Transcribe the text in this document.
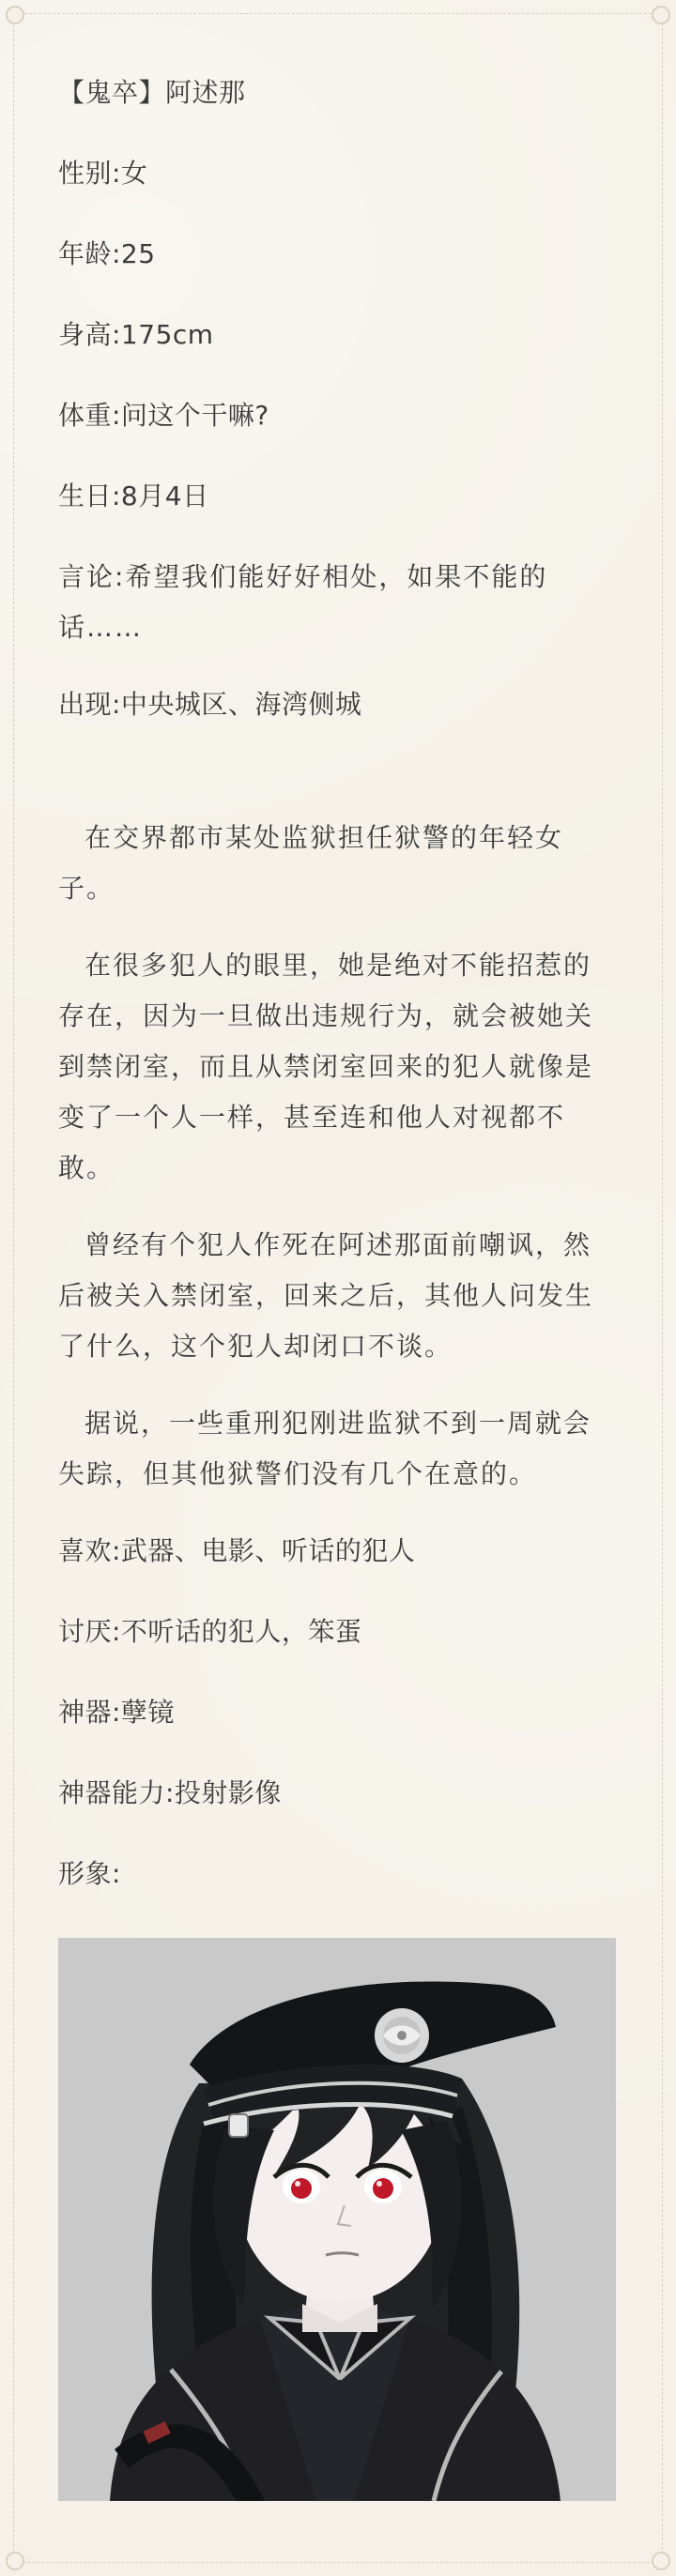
【鬼卒】阿述那

性别:女

年龄:25

身高:175cm

体重:问这个干嘛?

生日:8月4日

言论:希望我们能好好相处，如果不能的话……

出现:中央城区、海湾侧城

在交界都市某处监狱担任狱警的年轻女子。

在很多犯人的眼里，她是绝对不能招惹的存在，因为一旦做出违规行为，就会被她关到禁闭室，而且从禁闭室回来的犯人就像是变了一个人一样，甚至连和他人对视都不敢。

曾经有个犯人作死在阿述那面前嘲讽，然后被关入禁闭室，回来之后，其他人问发生了什么，这个犯人却闭口不谈。

据说，一些重刑犯刚进监狱不到一周就会失踪，但其他狱警们没有几个在意的。

喜欢:武器、电影、听话的犯人

讨厌:不听话的犯人，笨蛋

神器:孽镜

神器能力:投射影像

形象:
